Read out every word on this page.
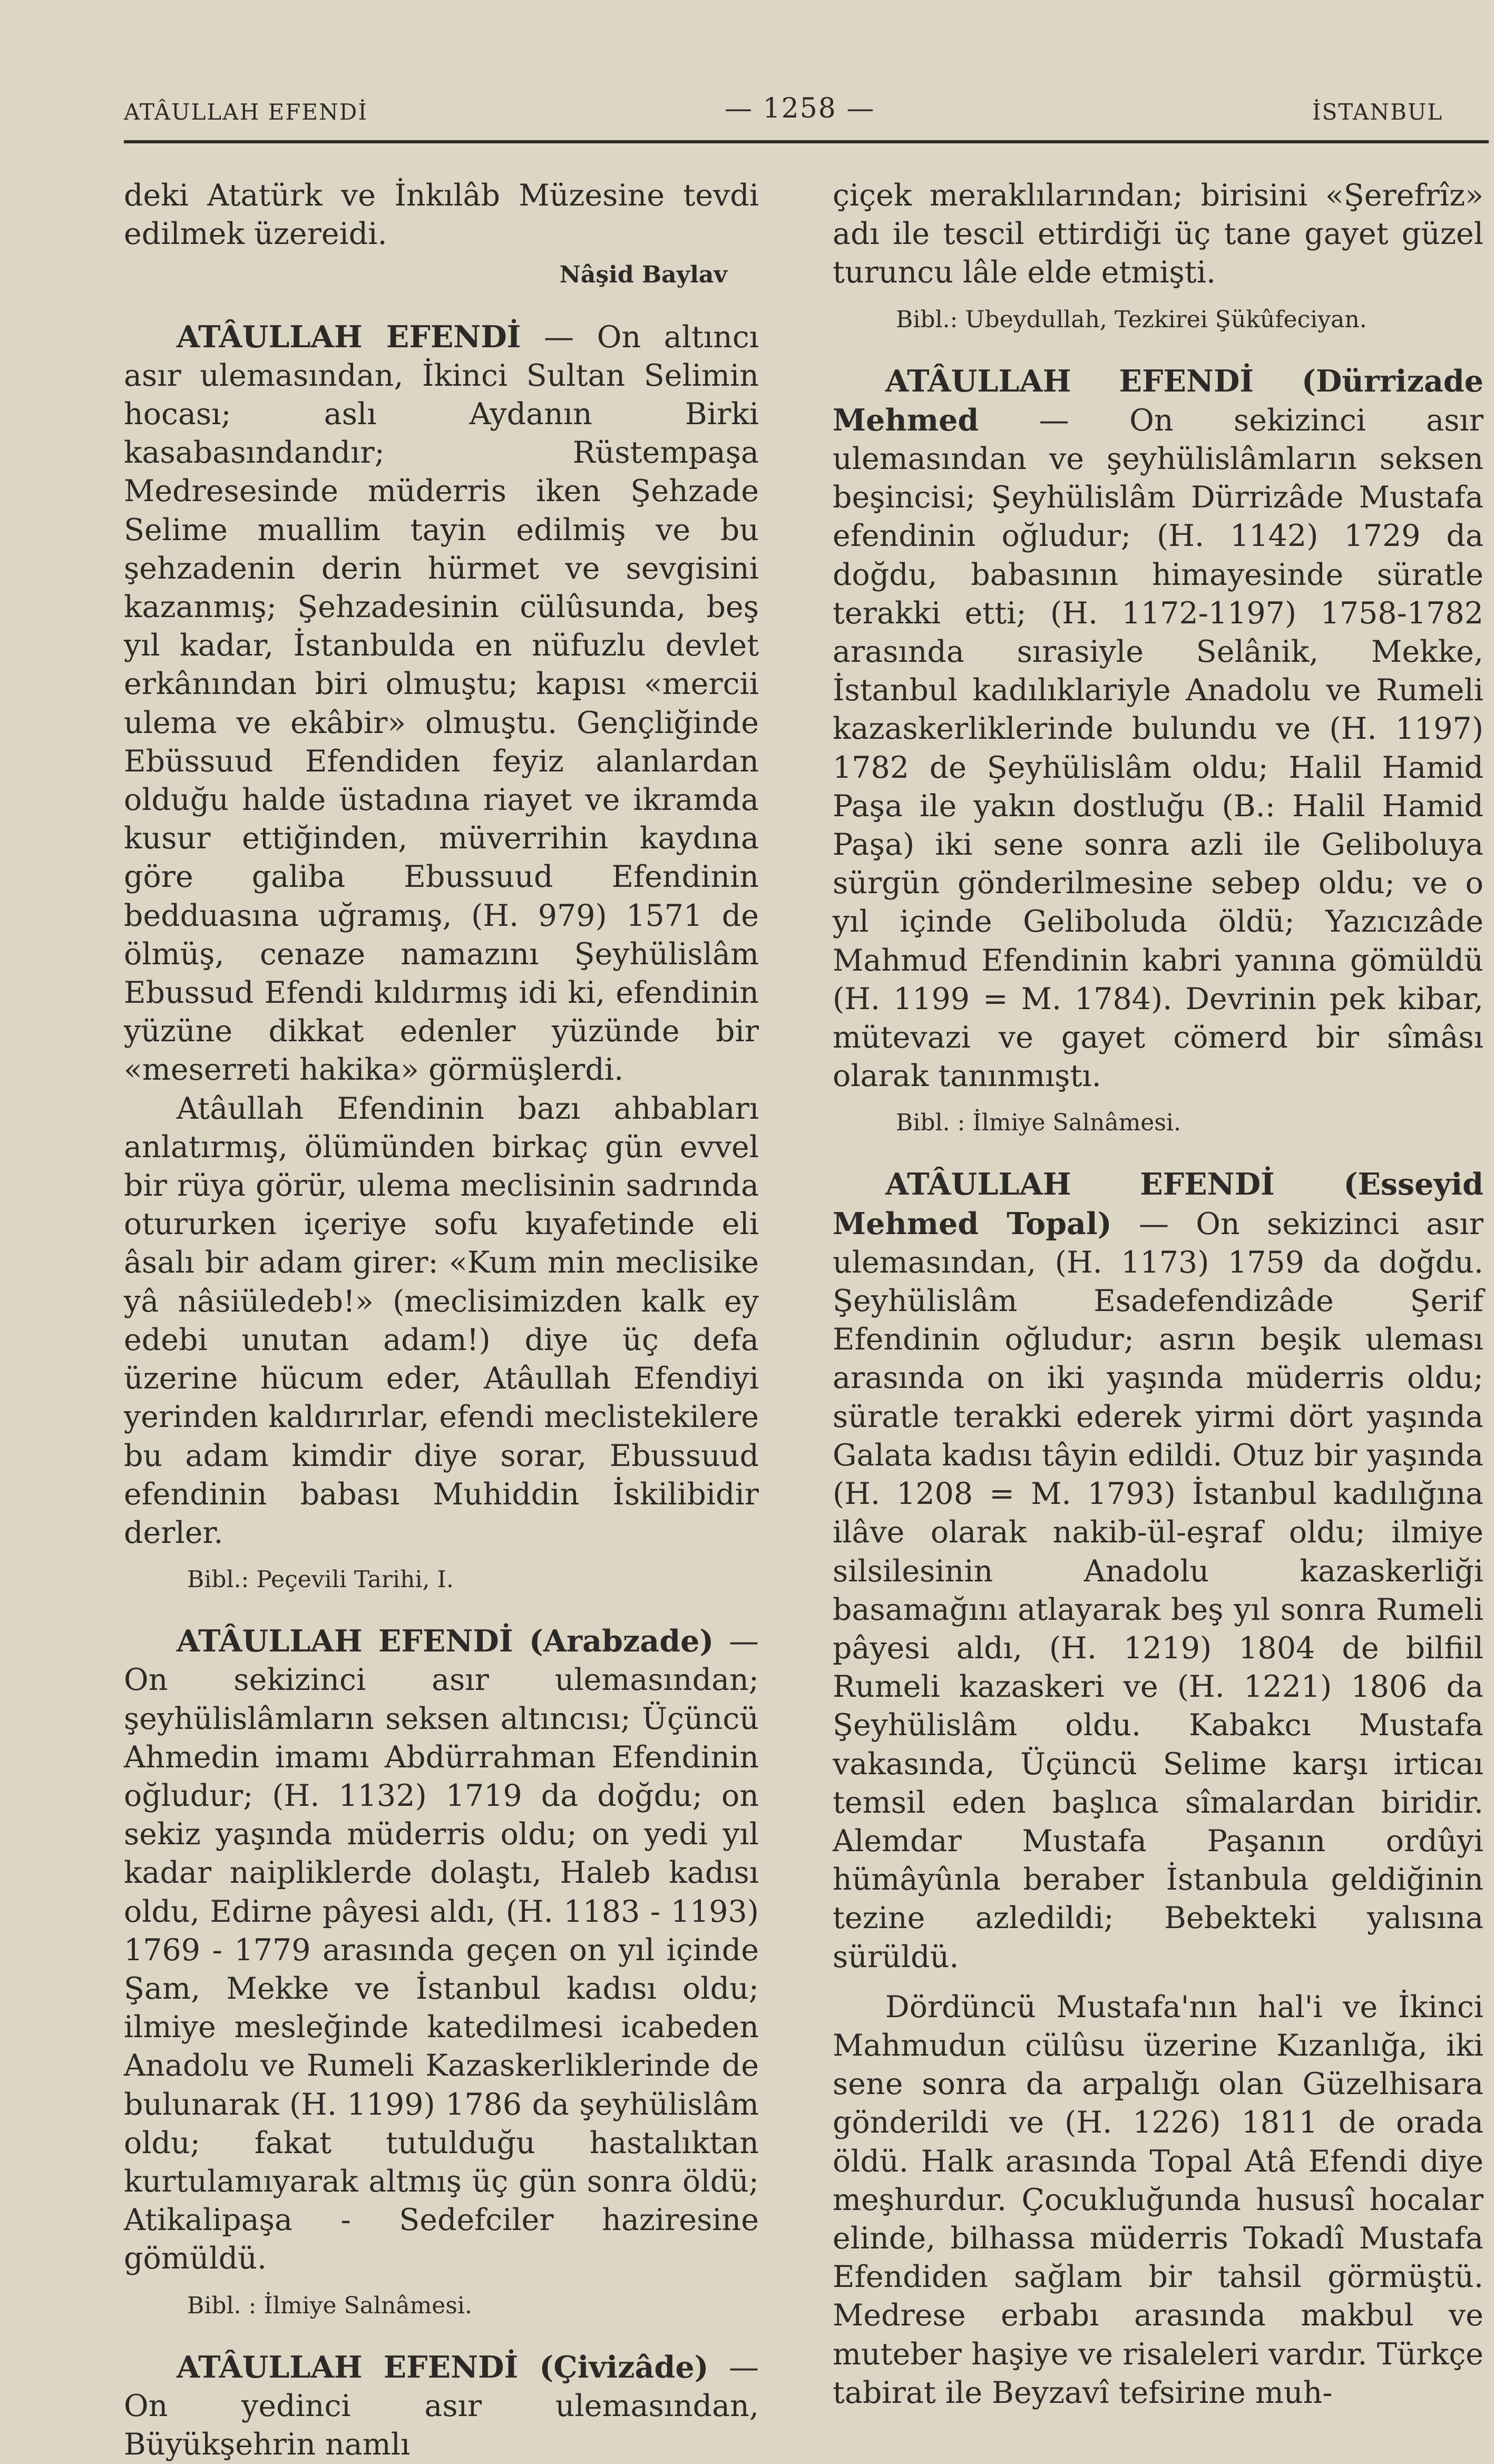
ATÂULLAH EFENDİ	— 1258 —	İSTANBUL

deki Atatürk ve İnkılâb Müzesine tevdi edilmek üzereidi.

Nâşid Baylav

ATÂULLAH EFENDİ — On altıncı asır ulemasından, İkinci Sultan Selimin hocası; aslı Aydanın Birki kasabasındandır; Rüstempaşa Medresesinde müderris iken Şehzade Selime muallim tayin edilmiş ve bu şehzadenin derin hürmet ve sevgisini kazanmış; Şehzadesinin cülûsunda, beş yıl kadar, İstanbulda en nüfuzlu devlet erkânından biri olmuştu; kapısı «mercii ulema ve ekâbir» olmuştu. Gençliğinde Ebüssuud Efendiden feyiz alanlardan olduğu halde üstadına riayet ve ikramda kusur ettiğinden, müverrihin kaydına göre galiba Ebussuud Efendinin bedduasına uğramış, (H. 979) 1571 de ölmüş, cenaze namazını Şeyhülislâm Ebussud Efendi kıldırmış idi ki, efendinin yüzüne dikkat edenler yüzünde bir «meserreti hakika» görmüşlerdi.

Atâullah Efendinin bazı ahbabları anlatırmış, ölümünden birkaç gün evvel bir rüya görür, ulema meclisinin sadrında otururken içeriye sofu kıyafetinde eli âsalı bir adam girer: «Kum min meclisike yâ nâsiüledeb!» (meclisimizden kalk ey edebi unutan adam!) diye üç defa üzerine hücum eder, Atâullah Efendiyi yerinden kaldırırlar, efendi meclistekilere bu adam kimdir diye sorar, Ebussuud efendinin babası Muhiddin İskilibidir derler.

Bibl.: Peçevili Tarihi, I.

ATÂULLAH EFENDİ (Arabzade) — On sekizinci asır ulemasından; şeyhülislâmların seksen altıncısı; Üçüncü Ahmedin imamı Abdürrahman Efendinin oğludur; (H. 1132) 1719 da doğdu; on sekiz yaşında müderris oldu; on yedi yıl kadar naipliklerde dolaştı, Haleb kadısı oldu, Edirne pâyesi aldı, (H. 1183 - 1193) 1769 - 1779 arasında geçen on yıl içinde Şam, Mekke ve İstanbul kadısı oldu; ilmiye mesleğinde katedilmesi icabeden Anadolu ve Rumeli Kazaskerliklerinde de bulunarak (H. 1199) 1786 da şeyhülislâm oldu; fakat tutulduğu hastalıktan kurtulamıyarak altmış üç gün sonra öldü; Atikalipaşa - Sedefciler haziresine gömüldü.

Bibl. : İlmiye Salnâmesi.

ATÂULLAH EFENDİ (Çivizâde) — On yedinci asır ulemasından, Büyükşehrin namlı

çiçek meraklılarından; birisini «Şerefrîz» adı ile tescil ettirdiği üç tane gayet güzel turuncu lâle elde etmişti.

Bibl.: Ubeydullah, Tezkirei Şükûfeciyan.

ATÂULLAH EFENDİ (Dürrizade Mehmed — On sekizinci asır ulemasından ve şeyhülislâmların seksen beşincisi; Şeyhülislâm Dürrizâde Mustafa efendinin oğludur; (H. 1142) 1729 da doğdu, babasının himayesinde süratle terakki etti; (H. 1172-1197) 1758-1782 arasında sırasiyle Selânik, Mekke, İstanbul kadılıklariyle Anadolu ve Rumeli kazaskerliklerinde bulundu ve (H. 1197) 1782 de Şeyhülislâm oldu; Halil Hamid Paşa ile yakın dostluğu (B.: Halil Hamid Paşa) iki sene sonra azli ile Geliboluya sürgün gönderilmesine sebep oldu; ve o yıl içinde Geliboluda öldü; Yazıcızâde Mahmud Efendinin kabri yanına gömüldü (H. 1199 = M. 1784). Devrinin pek kibar, mütevazi ve gayet cömerd bir sîmâsı olarak tanınmıştı.

Bibl. : İlmiye Salnâmesi.

ATÂULLAH EFENDİ (Esseyid Mehmed Topal) — On sekizinci asır ulemasından, (H. 1173) 1759 da doğdu. Şeyhülislâm Esadefendizâde Şerif Efendinin oğludur; asrın beşik uleması arasında on iki yaşında müderris oldu; süratle terakki ederek yirmi dört yaşında Galata kadısı tâyin edildi. Otuz bir yaşında (H. 1208 = M. 1793) İstanbul kadılığına ilâve olarak nakib-ül-eşraf oldu; ilmiye silsilesinin Anadolu kazaskerliği basamağını atlayarak beş yıl sonra Rumeli pâyesi aldı, (H. 1219) 1804 de bilfiil Rumeli kazaskeri ve (H. 1221) 1806 da Şeyhülislâm oldu. Kabakcı Mustafa vakasında, Üçüncü Selime karşı irticaı temsil eden başlıca sîmalardan biridir. Alemdar Mustafa Paşanın ordûyi hümâyûnla beraber İstanbula geldiğinin tezine azledildi; Bebekteki yalısına sürüldü.

Dördüncü Mustafa'nın hal'i ve İkinci Mahmudun cülûsu üzerine Kızanlığa, iki sene sonra da arpalığı olan Güzelhisara gönderildi ve (H. 1226) 1811 de orada öldü. Halk arasında Topal Atâ Efendi diye meşhurdur. Çocukluğunda hususî hocalar elinde, bilhassa müderris Tokadî Mustafa Efendiden sağlam bir tahsil görmüştü. Medrese erbabı arasında makbul ve muteber haşiye ve risaleleri vardır. Türkçe tabirat ile Beyzavî tefsirine muh-
